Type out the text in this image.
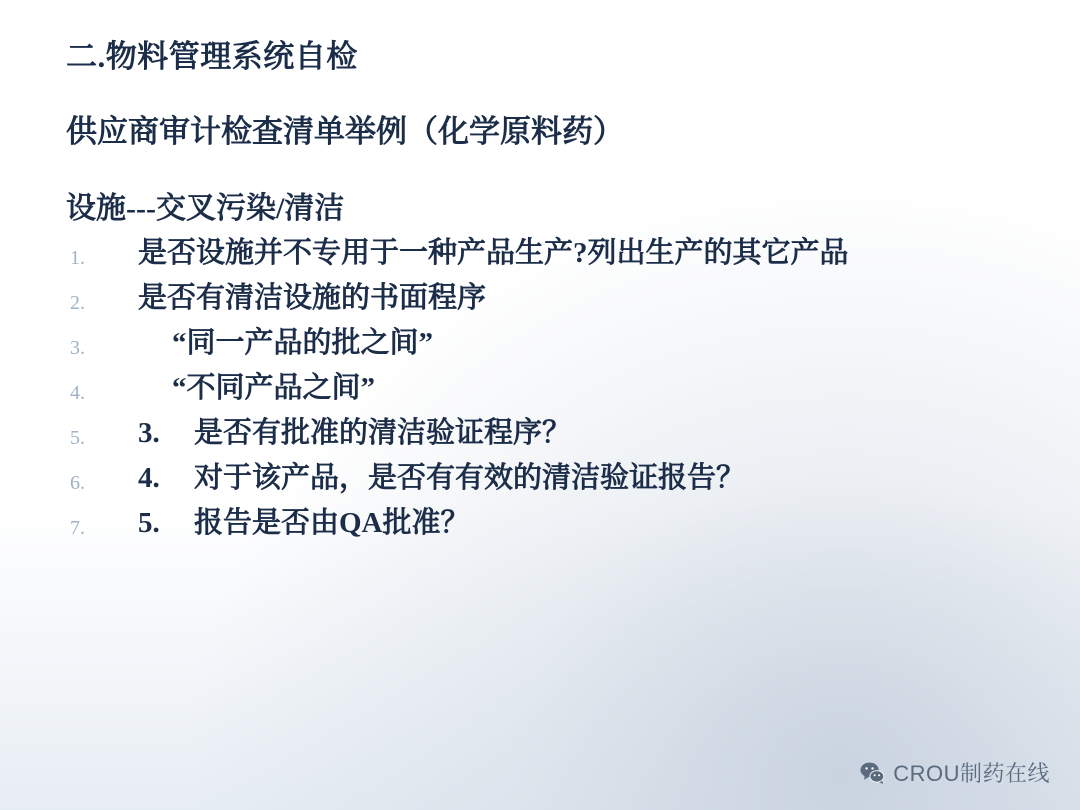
二.物料管理系统自检
供应商审计检查清单举例（化学原料药）
设施---交叉污染/清洁
1.	是否设施并不专用于一种产品生产?列出生产的其它产品
2.	是否有清洁设施的书面程序
3.	“同一产品的批之间”
4.	“不同产品之间”
5.	3. 是否有批准的清洁验证程序？
6.	4. 对于该产品，是否有有效的清洁验证报告？
7.	5. 报告是否由QA批准？
CROU制药在线
